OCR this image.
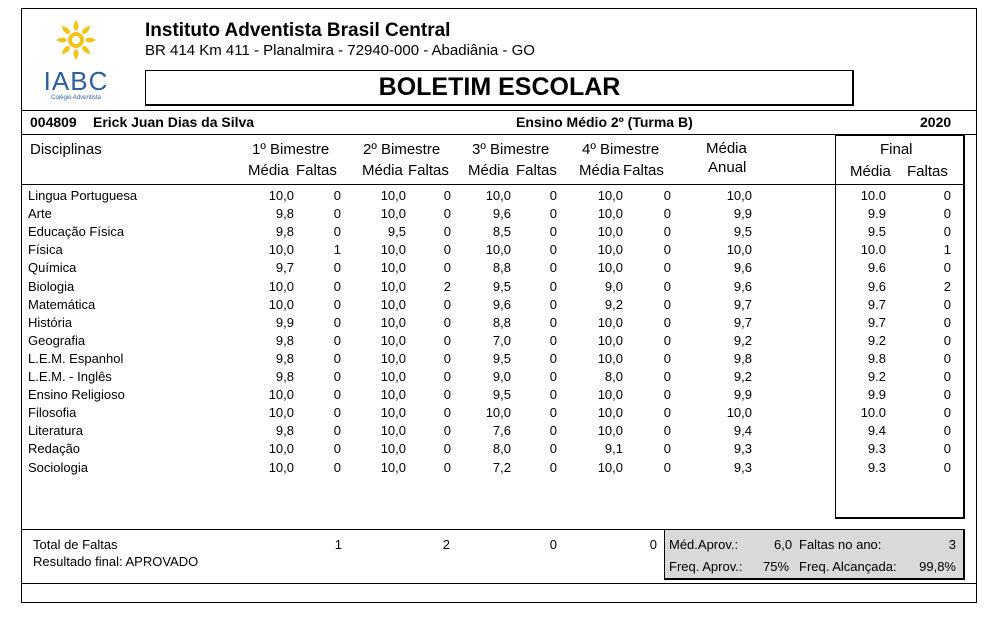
IABC
Colégio Adventista
Instituto Adventista Brasil Central
BR 414 Km 411 - Planalmira - 72940-000 - Abadiânia - GO
BOLETIM ESCOLAR
004809 Erick Juan Dias da Silva	Ensino Médio 2º (Turma B)	2020
Disciplinas	1º Bimestre 2º Bimestre 3º Bimestre 4º Bimestre	Média
Anual
Média Faltas Média Faltas Média Faltas Média Faltas
Final
Média Faltas
Lingua Portuguesa	10,0	0	10,0	0	10,0	0	10,0	0	10,0	10.0	0
Arte	9,8	0	10,0	0	9,6	0	10,0	0	9,9	9.9	0
Educação Física	9,8	0	9,5	0	8,5	0	10,0	0	9,5	9.5	0
Física	10,0	1	10,0	0	10,0	0	10,0	0	10,0	10.0	1
Química	9,7	0	10,0	0	8,8	0	10,0	0	9,6	9.6	0
Biologia	10,0	0	10,0	2	9,5	0	9,0	0	9,6	9.6	2
Matemática	10,0	0	10,0	0	9,6	0	9,2	0	9,7	9.7	0
História	9,9	0	10,0	0	8,8	0	10,0	0	9,7	9.7	0
Geografia	9,8	0	10,0	0	7,0	0	10,0	0	9,2	9.2	0
L.E.M. Espanhol	9,8	0	10,0	0	9,5	0	10,0	0	9,8	9.8	0
L.E.M. - Inglês	9,8	0	10,0	0	9,0	0	8,0	0	9,2	9.2	0
Ensino Religioso	10,0	0	10,0	0	9,5	0	10,0	0	9,9	9.9	0
Filosofia	10,0	0	10,0	0	10,0	0	10,0	0	10,0	10.0	0
Literatura	9,8	0	10,0	0	7,6	0	10,0	0	9,4	9.4	0
Redação	10,0	0	10,0	0	8,0	0	9,1	0	9,3	9.3	0
Sociologia	10,0	0	10,0	0	7,2	0	10,0	0	9,3	9.3	0
Total de Faltas	1	2	0	0
Resultado final: APROVADO
Méd.Aprov.:	6,0 Faltas no ano:	3
Freq. Aprov.: 75% Freq. Alcançada:	99,8%
